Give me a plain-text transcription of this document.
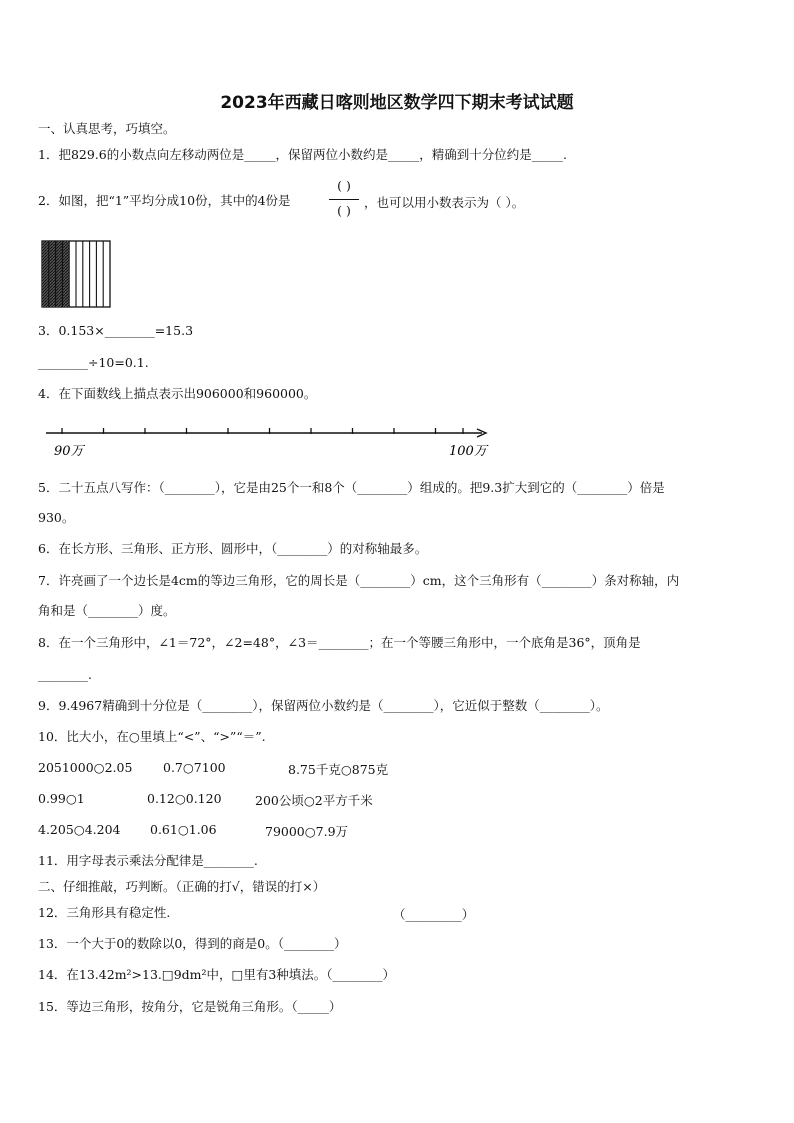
2023年西藏日喀则地区数学四下期末考试试题
一、认真思考，巧填空。
1．把829.6的小数点向左移动两位是_____，保留两位小数约是_____，精确到十分位约是_____.
2．如图，把“1”平均分成10份，其中的4份是
( )
( )
，也可以用小数表示为（ ）。
3．0.153×________=15.3
________÷10=0.1.
4．在下面数线上描点表示出906000和960000。
90万	100万
5．二十五点八写作：（________），它是由25个一和8个（________）组成的。把9.3扩大到它的（________）倍是
930。
6．在长方形、三角形、正方形、圆形中，（________）的对称轴最多。
7．许亮画了一个边长是4cm的等边三角形，它的周长是（________）cm，这个三角形有（________）条对称轴，内
角和是（________）度。
8．在一个三角形中，∠1＝72°，∠2=48°，∠3＝________；在一个等腰三角形中，一个底角是36°，顶角是
________.
9．9.4967精确到十分位是（________），保留两位小数约是（________），它近似于整数（________）。
10．比大小，在○里填上“<”、“>”“＝”.
2051000○2.05 0.7○7100	8.75千克○875克
0.99○1	0.12○0.120	200公顷○2平方千米
4.205○4.204 0.61○1.06	79000○7.9万
11．用字母表示乘法分配律是________.
二、仔细推敲，巧判断。（正确的打√，错误的打×）
12．三角形具有稳定性.	（_________）
13．一个大于0的数除以0，得到的商是0。（________）
14．在13.42m²>13.□9dm²中，□里有3种填法。（________）
15．等边三角形，按角分，它是锐角三角形。（_____）
